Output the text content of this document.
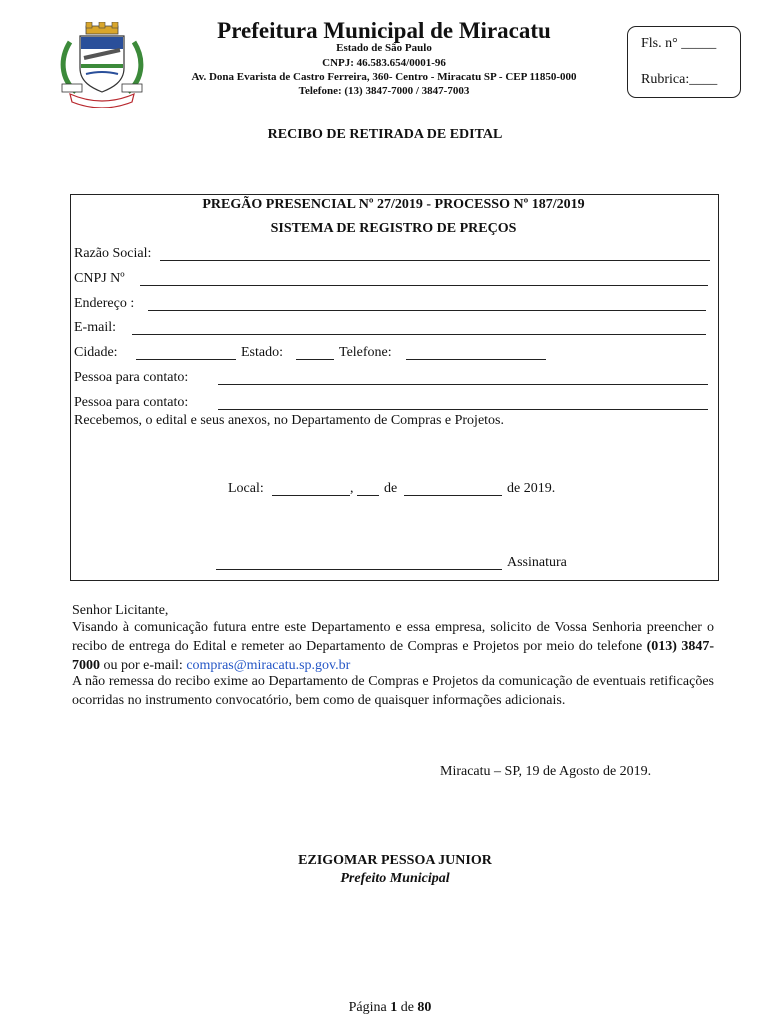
Prefeitura Municipal de Miracatu
Estado de São Paulo
CNPJ: 46.583.654/0001-96
Av. Dona Evarista de Castro Ferreira, 360- Centro - Miracatu SP - CEP 11850-000
Telefone: (13) 3847-7000 / 3847-7003
Fls. n° _____
Rubrica:____
RECIBO DE RETIRADA DE EDITAL
PREGÃO PRESENCIAL Nº 27/2019 - PROCESSO Nº 187/2019
SISTEMA DE REGISTRO DE PREÇOS
Razão Social:
CNPJ Nº
Endereço :
E-mail:
Cidade:	Estado:	Telefone:
Pessoa para contato:
Pessoa para contato:
Recebemos, o edital e seus anexos, no Departamento de Compras e Projetos.
Local:	, de	de 2019.
Assinatura
Senhor Licitante,
Visando à comunicação futura entre este Departamento e essa empresa, solicito de Vossa Senhoria preencher o recibo de entrega do Edital e remeter ao Departamento de Compras e Projetos por meio do telefone (013) 3847-7000 ou por e-mail: compras@miracatu.sp.gov.br
A não remessa do recibo exime ao Departamento de Compras e Projetos da comunicação de eventuais retificações ocorridas no instrumento convocatório, bem como de quaisquer informações adicionais.
Miracatu – SP, 19 de Agosto de 2019.
EZIGOMAR PESSOA JUNIOR
Prefeito Municipal
Página 1 de 80
